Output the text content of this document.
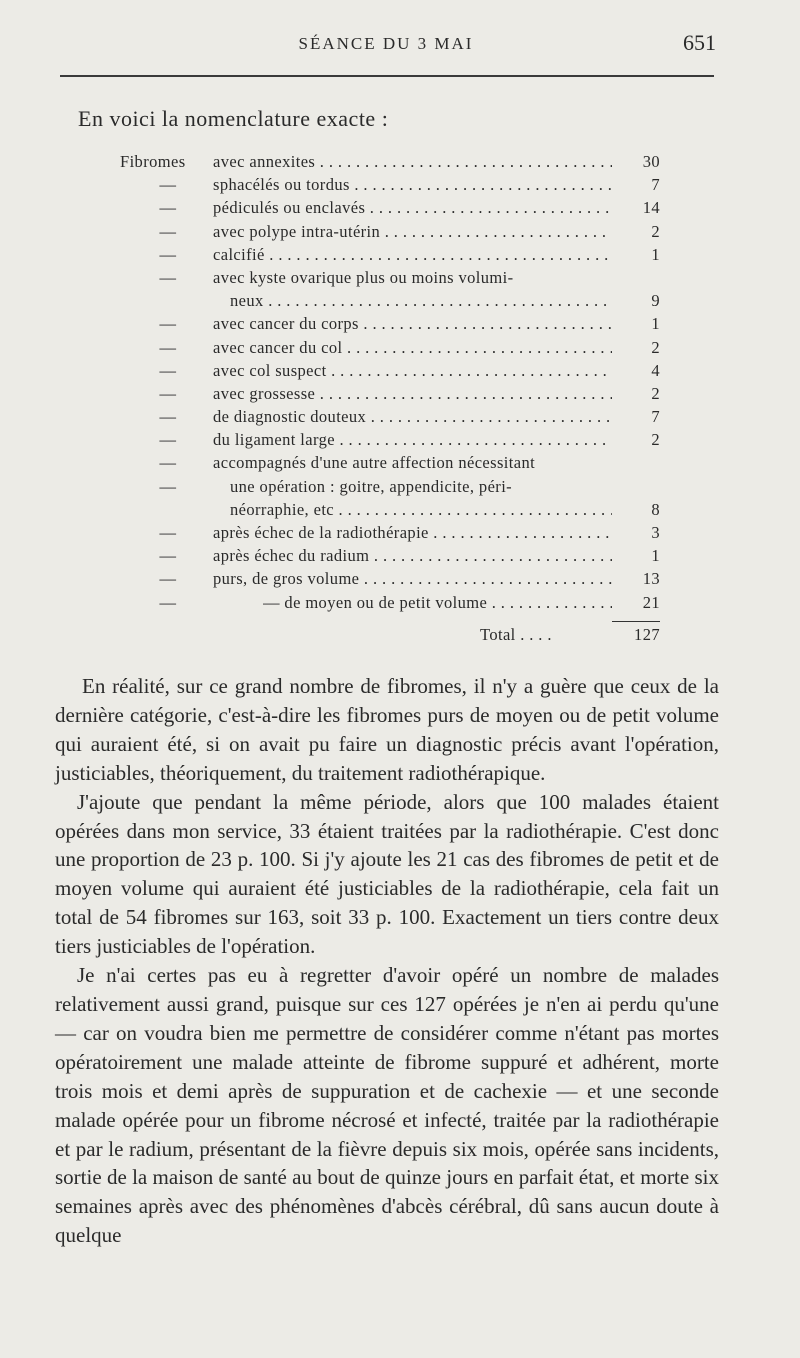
SÉANCE DU 3 MAI	651
En voici la nomenclature exacte :
Fibromes avec annexites . . .	30
— sphacélés ou tordus . . .	7
— pédiculés ou enclavés . . .	14
— avec polype intra-utérin . . .	2
— calcifié . . .	1
— avec kyste ovarique plus ou moins volumi-
neux . . .	9
— avec cancer du corps . . .	1
— avec cancer du col . . .	2
— avec col suspect . . .	4
— avec grossesse . . .	2
— de diagnostic douteux . . .	7
— du ligament large . . .	2
— accompagnés d'une autre affection nécessitant
—	une opération : goitre, appendicite, péri-
néorraphie, etc . . .	8
— après échec de la radiothérapie . . .	3
— après échec du radium . . .	1
— purs, de gros volume . . .	13
—	— de moyen ou de petit volume . . .	21
Total . . . .	127

En réalité, sur ce grand nombre de fibromes, il n'y a guère que ceux de la dernière catégorie, c'est-à-dire les fibromes purs de moyen ou de petit volume qui auraient été, si on avait pu faire un diagnostic précis avant l'opération, justiciables, théoriquement, du traitement radiothérapique.

J'ajoute que pendant la même période, alors que 100 malades étaient opérées dans mon service, 33 étaient traitées par la radiothérapie. C'est donc une proportion de 23 p. 100. Si j'y ajoute les 21 cas des fibromes de petit et de moyen volume qui auraient été justiciables de la radiothérapie, cela fait un total de 54 fibromes sur 163, soit 33 p. 100. Exactement un tiers contre deux tiers justiciables de l'opération.

Je n'ai certes pas eu à regretter d'avoir opéré un nombre de malades relativement aussi grand, puisque sur ces 127 opérées je n'en ai perdu qu'une — car on voudra bien me permettre de considérer comme n'étant pas mortes opératoirement une malade atteinte de fibrome suppuré et adhérent, morte trois mois et demi après de suppuration et de cachexie — et une seconde malade opérée pour un fibrome nécrosé et infecté, traitée par la radiothérapie et par le radium, présentant de la fièvre depuis six mois, opérée sans incidents, sortie de la maison de santé au bout de quinze jours en parfait état, et morte six semaines après avec des phénomènes d'abcès cérébral, dû sans aucun doute à quelque
